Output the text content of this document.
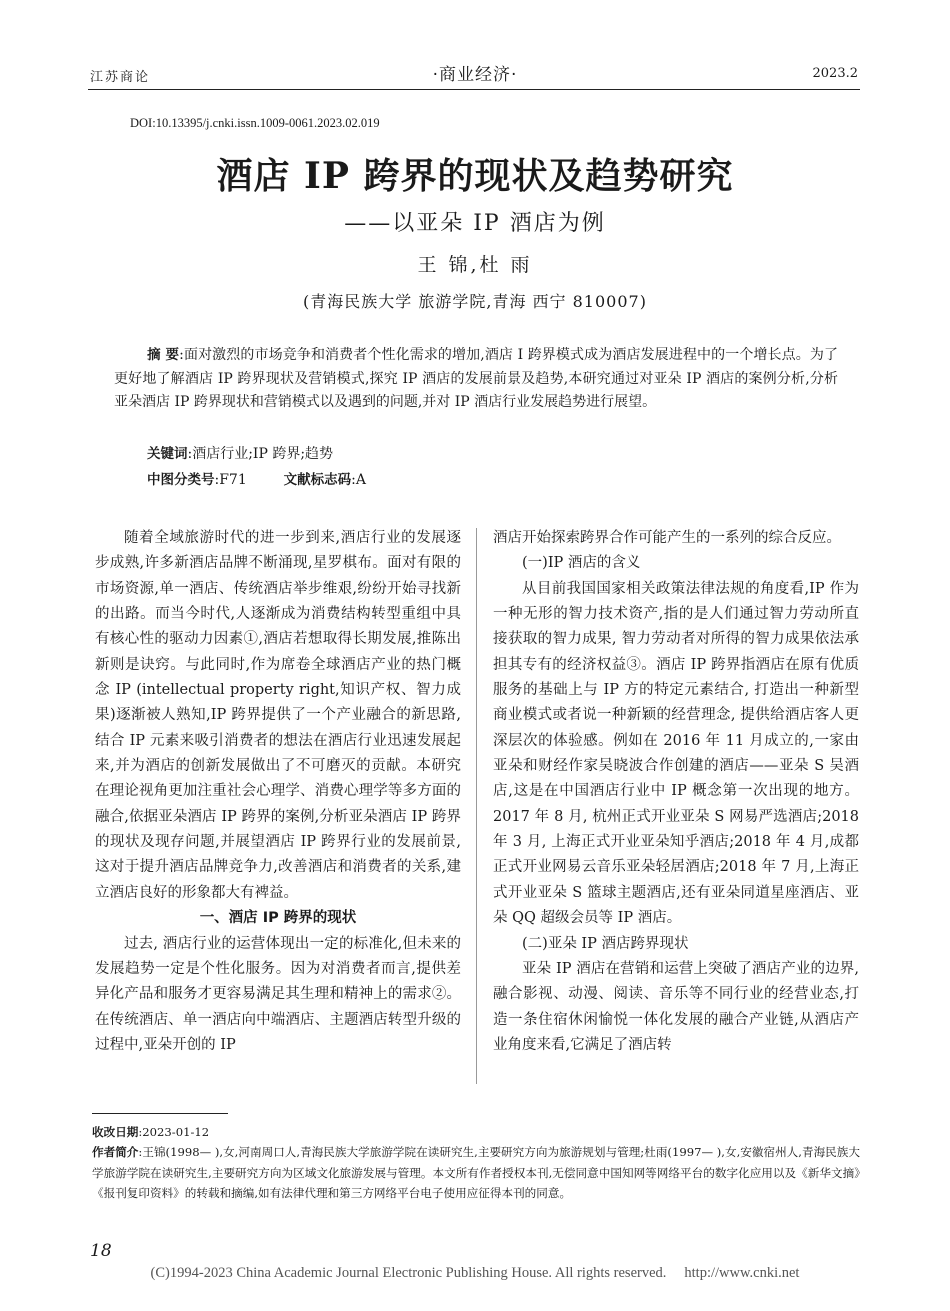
江苏商论	·商业经济·	2023.2
DOI:10.13395/j.cnki.issn.1009-0061.2023.02.019
酒店 IP 跨界的现状及趋势研究
——以亚朵 IP 酒店为例
王 锦,杜 雨
(青海民族大学 旅游学院,青海 西宁 810007)
摘 要:面对激烈的市场竞争和消费者个性化需求的增加,酒店 I 跨界模式成为酒店发展进程中的一个增长点。为了更好地了解酒店 IP 跨界现状及营销模式,探究 IP 酒店的发展前景及趋势,本研究通过对亚朵 IP 酒店的案例分析,分析亚朵酒店 IP 跨界现状和营销模式以及遇到的问题,并对 IP 酒店行业发展趋势进行展望。
关键词:酒店行业;IP 跨界;趋势
中图分类号:F71	文献标志码:A

随着全域旅游时代的进一步到来,酒店行业的发展逐步成熟,许多新酒店品牌不断涌现,星罗棋布。面对有限的市场资源,单一酒店、传统酒店举步维艰,纷纷开始寻找新的出路。而当今时代,人逐渐成为消费结构转型重组中具有核心性的驱动力因素①,酒店若想取得长期发展,推陈出新则是诀窍。与此同时,作为席卷全球酒店产业的热门概念 IP (intellectual property right,知识产权、智力成果)逐渐被人熟知,IP 跨界提供了一个产业融合的新思路,结合 IP 元素来吸引消费者的想法在酒店行业迅速发展起来,并为酒店的创新发展做出了不可磨灭的贡献。本研究在理论视角更加注重社会心理学、消费心理学等多方面的融合,依据亚朵酒店 IP 跨界的案例,分析亚朵酒店 IP 跨界的现状及现存问题,并展望酒店 IP 跨界行业的发展前景,这对于提升酒店品牌竞争力,改善酒店和消费者的关系,建立酒店良好的形象都大有裨益。

一、酒店 IP 跨界的现状

过去, 酒店行业的运营体现出一定的标准化,但未来的发展趋势一定是个性化服务。因为对消费者而言,提供差异化产品和服务才更容易满足其生理和精神上的需求②。在传统酒店、单一酒店向中端酒店、主题酒店转型升级的过程中,亚朵开创的 IP

酒店开始探索跨界合作可能产生的一系列的综合反应。

(一)IP 酒店的含义

从目前我国国家相关政策法律法规的角度看,IP 作为一种无形的智力技术资产,指的是人们通过智力劳动所直接获取的智力成果, 智力劳动者对所得的智力成果依法承担其专有的经济权益③。酒店 IP 跨界指酒店在原有优质服务的基础上与 IP 方的特定元素结合, 打造出一种新型商业模式或者说一种新颖的经营理念, 提供给酒店客人更深层次的体验感。例如在 2016 年 11 月成立的,一家由亚朵和财经作家吴晓波合作创建的酒店——亚朵 S 吴酒店,这是在中国酒店行业中 IP 概念第一次出现的地方。2017 年 8 月, 杭州正式开业亚朵 S 网易严选酒店;2018 年 3 月, 上海正式开业亚朵知乎酒店;2018 年 4 月,成都正式开业网易云音乐亚朵轻居酒店;2018 年 7 月,上海正式开业亚朵 S 篮球主题酒店,还有亚朵同道星座酒店、亚朵 QQ 超级会员等 IP 酒店。

(二)亚朵 IP 酒店跨界现状

亚朵 IP 酒店在营销和运营上突破了酒店产业的边界,融合影视、动漫、阅读、音乐等不同行业的经营业态,打造一条住宿休闲愉悦一体化发展的融合产业链,从酒店产业角度来看,它满足了酒店转

收改日期:2023-01-12
作者简介:王锦(1998— ),女,河南周口人,青海民族大学旅游学院在读研究生,主要研究方向为旅游规划与管理;杜雨(1997— ),女,安徽宿州人,青海民族大学旅游学院在读研究生,主要研究方向为区域文化旅游发展与管理。本文所有作者授权本刊,无偿同意中国知网等网络平台的数字化应用以及《新华文摘》《报刊复印资料》的转载和摘编,如有法律代理和第三方网络平台电子使用应征得本刊的同意。
18
(C)1994-2023 China Academic Journal Electronic Publishing House. All rights reserved. http://www.cnki.net
